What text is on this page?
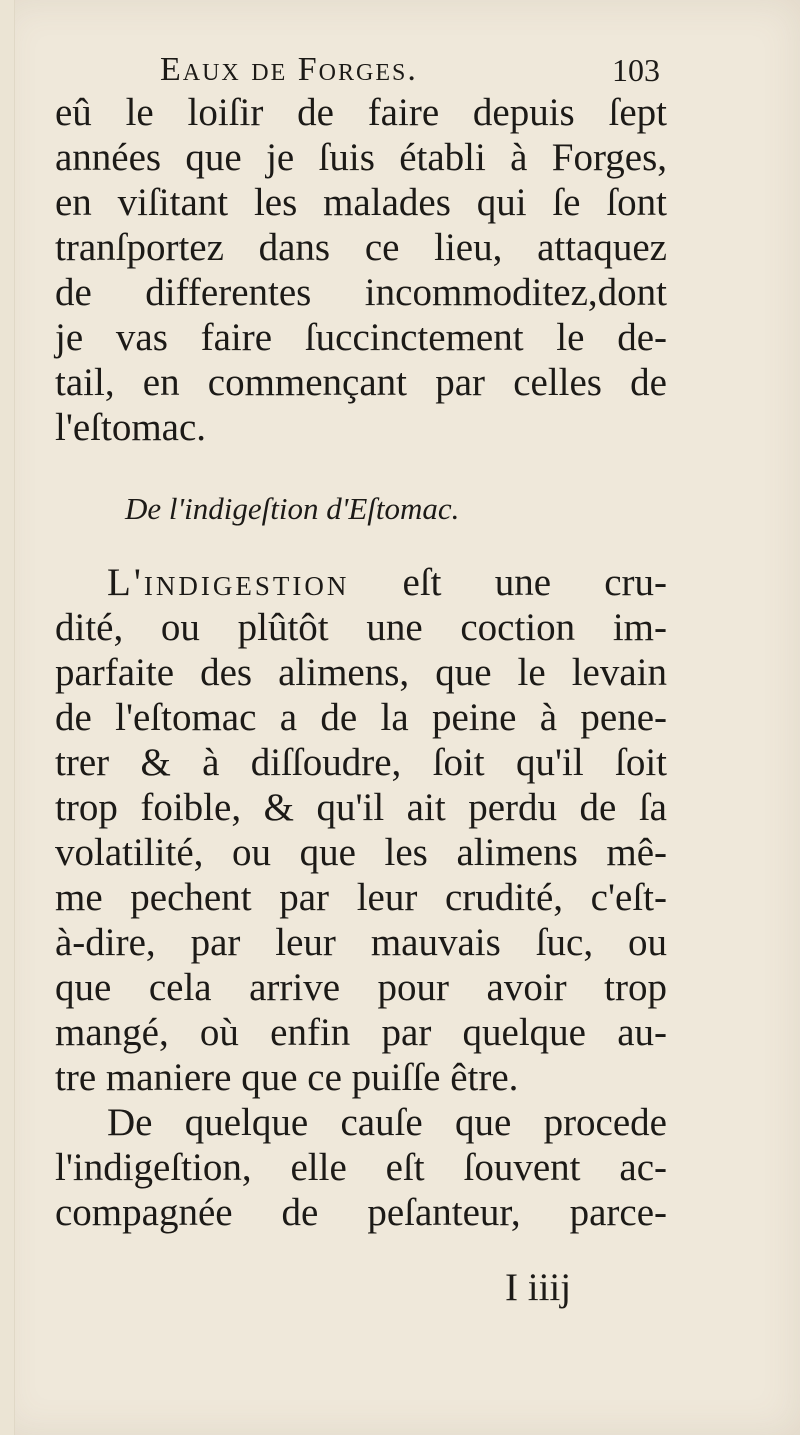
Eaux de Forges.	103
eû le loiſir de faire depuis ſept
années que je ſuis établi à Forges,
en viſitant les malades qui ſe ſont
tranſportez dans ce lieu, attaquez
de differentes incommoditez,dont
je vas faire ſuccinctement le de-
tail, en commençant par celles de
l'eſtomac.
De l'indigeſtion d'Eſtomac.
L'indigestion eſt une cru-
dité, ou plûtôt une coction im-
parfaite des alimens, que le levain
de l'eſtomac a de la peine à pene-
trer & à diſſoudre, ſoit qu'il ſoit
trop foible, & qu'il ait perdu de ſa
volatilité, ou que les alimens mê-
me pechent par leur crudité, c'eſt-
à-dire, par leur mauvais ſuc, ou
que cela arrive pour avoir trop
mangé, où enfin par quelque au-
tre maniere que ce puiſſe être.
De quelque cauſe que procede
l'indigeſtion, elle eſt ſouvent ac-
compagnée de peſanteur, parce-
I iiij
